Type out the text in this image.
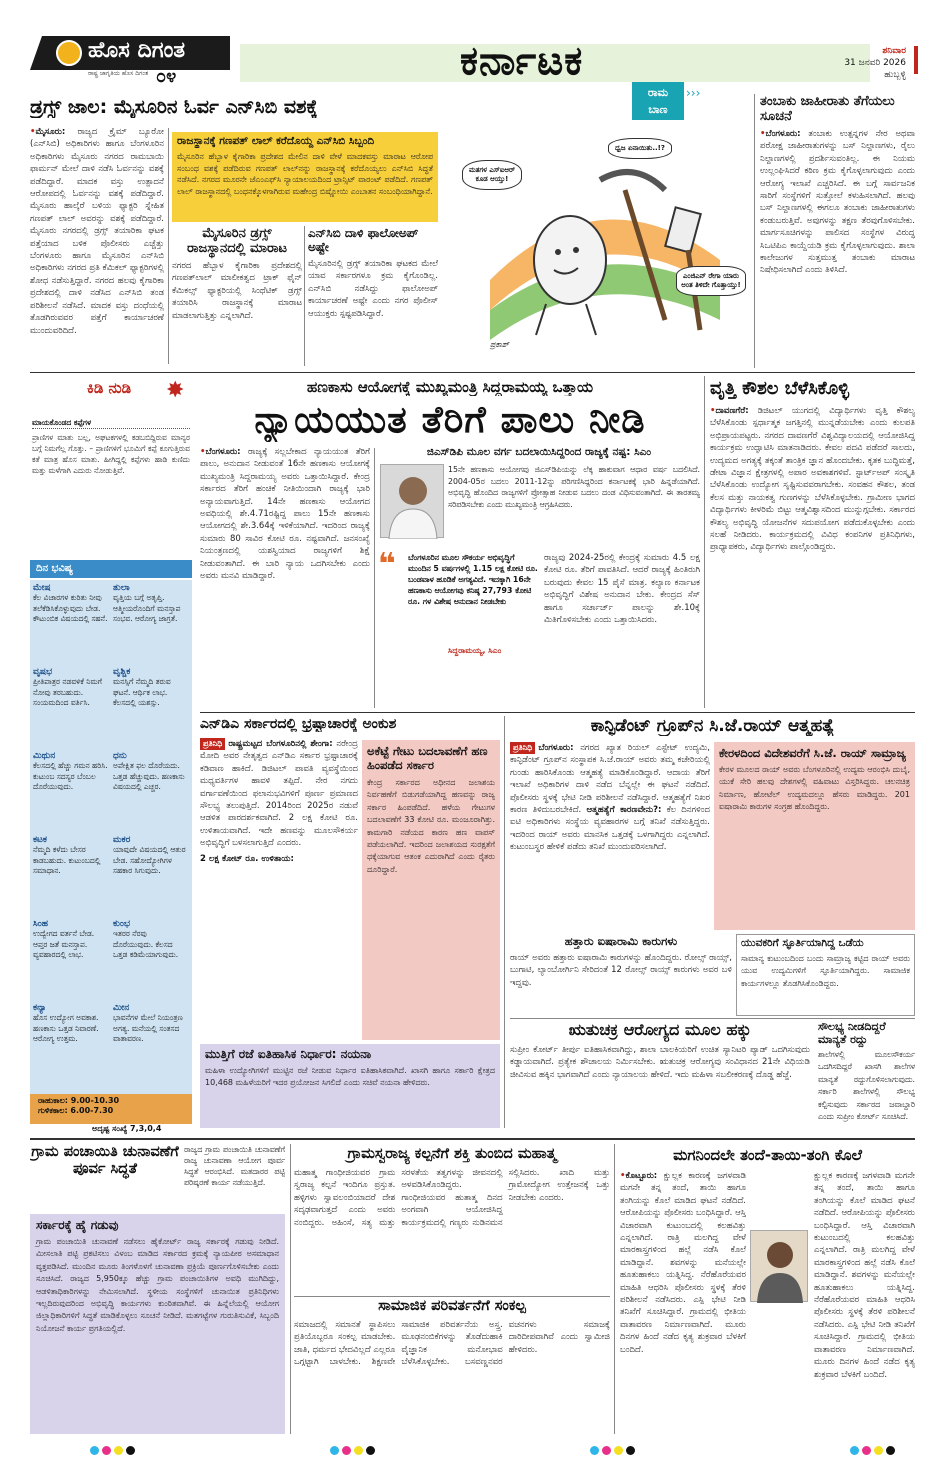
ಹೊಸ ದಿಗಂತ
ರಾಷ್ಟ್ರ ಜಾಗೃತಿಯ ಹೊಸ ದಿಗಂತ ೦೪	ಕರ್ನಾಟಕ	ಶನಿವಾರ
31 ಜನವರಿ 2026
ಹುಬ್ಬಳ್ಳಿ
ಡ್ರಗ್ಸ್ ಜಾಲ: ಮೈಸೂರಿನ ಓರ್ವ ಎನ್‌ಸಿಬಿ ವಶಕ್ಕೆ
•ಮೈಸೂರು: ರಾಜ್ಯದ ಕ್ರೈಮ್ ಬ್ಯೂರೋ (ಎನ್‌ಸಿಬಿ) ಅಧಿಕಾರಿಗಳು ಹಾಗೂ ಬೆಂಗಳೂರಿನ ಅಧಿಕಾರಿಗಳು ಮೈಸೂರು ನಗರದ ರಾಮಬಾಯಿ ಫಾರ್ಮನ್‌ ಮೇಲೆ ದಾಳಿ ನಡೆಸಿ ಓರ್ವನನ್ನು ವಶಕ್ಕೆ ಪಡೆದಿದ್ದಾರೆ. ಮಾದಕ ವಸ್ತು ಉತ್ಪಾದನೆ ಆರೋಪದಲ್ಲಿ ಓರ್ವನನ್ನು ವಶಕ್ಕೆ ಪಡೆದಿದ್ದಾರೆ. ಮೈಸೂರು ಹಾಲ್ಕೆರೆ ಬಳಿಯ ಫ್ಯಾಕ್ಟರಿ ಸ್ನೇಹಿತ ಗಣಪತ್ ಲಾಲ್‌ ಅವರನ್ನು ವಶಕ್ಕೆ ಪಡೆದಿದ್ದಾರೆ. ಮೈಸೂರು ನಗರದಲ್ಲಿ ಡ್ರಗ್ಸ್ ತಯಾರಿಕಾ ಘಟಕ ಪತ್ತೆಯಾದ ಬಳಿಕ ಪೊಲೀಸರು ಎಚ್ಚೆತ್ತು ಬೆಂಗಳೂರು ಹಾಗೂ ಮೈಸೂರಿನ ಎನ್‌ಸಿಬಿ ಅಧಿಕಾರಿಗಳು ನಗರದ ಪ್ರತಿ ಕೆಮಿಕಲ್ ಫ್ಯಾಕ್ಟರಿಗಳಲ್ಲಿ ಶೋಧ ನಡೆಸುತ್ತಿದ್ದಾರೆ. ನಗರದ ಹಲವು ಕೈಗಾರಿಕಾ ಪ್ರದೇಶದಲ್ಲಿ ದಾಳಿ ನಡೆಸಿದ ಎನ್‌ಸಿಬಿ ತಂಡ ಪರಿಶೀಲನೆ ನಡೆಸಿದೆ. ಮಾದಕ ವಸ್ತು ದಂಧೆಯಲ್ಲಿ ತೊಡಗಿರುವವರ ಪತ್ತೆಗೆ ಕಾರ್ಯಾಚರಣೆ ಮುಂದುವರಿದಿದೆ.
ರಾಜಸ್ಥಾನಕ್ಕೆ ಗಣಪತ್ ಲಾಲ್ ಕರೆದೊಯ್ದ ಎನ್‌ಸಿಬಿ ಸಿಬ್ಬಂದಿ
ಮೈಸೂರಿನ ಹೆಬ್ಬಾಳ ಕೈಗಾರಿಕಾ ಪ್ರದೇಶದ ಮೇಲಿನ ದಾಳಿ ವೇಳೆ ಮಾದಕವಸ್ತು ಮಾರಾಟ ಆರೋಪ ಸಂಬಂಧ ವಶಕ್ಕೆ ಪಡೆದಿರುವ ಗಣಪತ್ ಲಾಲ್‌ನನ್ನು ರಾಜಸ್ಥಾನಕ್ಕೆ ಕರೆದೊಯ್ಯಲು ಎನ್‌ಸಿಬಿ ಸಿದ್ಧತೆ ನಡೆಸಿದೆ. ನಗರದ ಮೂರನೇ ಜೆಎಂಎಫ್‌ಸಿ ನ್ಯಾಯಾಲಯದಿಂದ ಟ್ರಾನ್ಸಿಟ್ ವಾರಂಟ್ ಪಡೆದಿದೆ. ಗಣಪತ್ ಲಾಲ್ ರಾಜಸ್ಥಾನದಲ್ಲಿ ಬಂಧನಕ್ಕೊಳಗಾಗಿರುವ ಮಹೇಂದ್ರ ಬಿಷ್ಣೋಯಿ ಎಂಬಾತನ ಸಂಬಂಧಿಯಾಗಿದ್ದಾನೆ.
ಮೈಸೂರಿನ ಡ್ರಗ್ಸ್ ರಾಜಸ್ಥಾನದಲ್ಲಿ ಮಾರಾಟ
ನಗರದ ಹೆಬ್ಬಾಳ ಕೈಗಾರಿಕಾ ಪ್ರದೇಶದಲ್ಲಿ ಗಣಪತ್‌ಲಾಲ್ ಮಾಲೀಕತ್ವದ ಟ್ರಾಕ್ ಫೈನ್ ಕೆಮಿಕಲ್ಸ್ ಫ್ಯಾಕ್ಟರಿಯಲ್ಲಿ ಸಿಂಥೆಟಿಕ್ ಡ್ರಗ್ಸ್ ತಯಾರಿಸಿ ರಾಜಸ್ಥಾನಕ್ಕೆ ಮಾರಾಟ ಮಾಡಲಾಗುತ್ತಿತ್ತು ಎನ್ನಲಾಗಿದೆ.
ಎನ್‌ಸಿಬಿ ದಾಳಿ ಫಾಲೋಅಪ್ ಅಷ್ಟೇ
ಮೈಸೂರಿನಲ್ಲಿ ಡ್ರಗ್ಸ್ ತಯಾರಿಕಾ ಘಟಕದ ಮೇಲೆ ಯಾವ ಸರ್ಕಾರಗಳೂ ಕ್ರಮ ಕೈಗೊಂಡಿಲ್ಲ. ಎನ್‌ಸಿಬಿ ನಡೆಸಿದ್ದು ಫಾಲೋಅಪ್ ಕಾರ್ಯಾಚರಣೆ ಅಷ್ಟೇ ಎಂದು ನಗರ ಪೊಲೀಸ್ ಆಯುಕ್ತರು ಸ್ಪಷ್ಟಪಡಿಸಿದ್ದಾರೆ.
ರಾಮ
ಬಾಣ
›››
ಮತಗಳ ಎಸ್ಐಆರ್ ಕೂಡ ಆಯ್ತು!
ಧ್ವಜ ಏನಾಯಿತು..!?
ಎಂಜಿಎನ್ ರೇಗಾ ಯಾರು ಅಂತ ತಿಳಿದೇ ಗೊತ್ತಾಯ್ತು!
ಪ್ರಕಾಶ್
ತಂಬಾಕು ಜಾಹೀರಾತು ತೆಗೆಯಲು ಸೂಚನೆ
•ಬೆಂಗಳೂರು: ತಂಬಾಕು ಉತ್ಪನ್ನಗಳ ನೇರ ಅಥವಾ ಪರೋಕ್ಷ ಜಾಹೀರಾತುಗಳನ್ನು ಬಸ್ ನಿಲ್ದಾಣಗಳು, ರೈಲು ನಿಲ್ದಾಣಗಳಲ್ಲಿ ಪ್ರದರ್ಶಿಸುವಂತಿಲ್ಲ. ಈ ನಿಯಮ ಉಲ್ಲಂಘಿಸಿದರೆ ಕಠಿಣ ಕ್ರಮ ಕೈಗೊಳ್ಳಲಾಗುವುದು ಎಂದು ಆರೋಗ್ಯ ಇಲಾಖೆ ಎಚ್ಚರಿಸಿದೆ. ಈ ಬಗ್ಗೆ ಸಾರ್ವಜನಿಕ ಸಾರಿಗೆ ಸಂಸ್ಥೆಗಳಿಗೆ ಸುತ್ತೋಲೆ ಕಳುಹಿಸಲಾಗಿದೆ. ಹಲವು ಬಸ್ ನಿಲ್ದಾಣಗಳಲ್ಲಿ ಈಗಲೂ ತಂಬಾಕು ಜಾಹೀರಾತುಗಳು ಕಂಡುಬರುತ್ತಿವೆ. ಅವುಗಳನ್ನು ತಕ್ಷಣ ತೆರವುಗೊಳಿಸಬೇಕು. ಮಾರ್ಗಸೂಚಿಗಳನ್ನು ಪಾಲಿಸದ ಸಂಸ್ಥೆಗಳ ವಿರುದ್ಧ ಸಿಒಟಿಪಿಎ ಕಾಯ್ದೆಯಡಿ ಕ್ರಮ ಕೈಗೊಳ್ಳಲಾಗುವುದು. ಶಾಲಾ ಕಾಲೇಜುಗಳ ಸುತ್ತಮುತ್ತ ತಂಬಾಕು ಮಾರಾಟ ನಿಷೇಧಿಸಲಾಗಿದೆ ಎಂದು ತಿಳಿಸಿದೆ.
ಕಿಡಿ ನುಡಿ ✸
ಮಾಯಕೊಂಡದ ಕಪ್ಪೆಗಳ
ಪ್ರಾಣಿಗಳ ಮಾತು ಬಲ್ಲ, ಅಘಟಕಗಳಲ್ಲಿ ಕಡಬಬಿದ್ದಿರುವ ಮಾನ್ಯರ ಬಗ್ಗೆ ನಿಮಗೆಲ್ಲ ಗೊತ್ತು. – ಪ್ರಾಣಿಗಳಿಗೆ ಭೂಮಿಗೆ ಕಪ್ಪೆ ಕೂಗುತ್ತಿರುವ ಕತೆ ಮಾತ್ರ ಹೊಸ ಮಾತು. ಹೀಗಿದ್ದಲ್ಲಿ ಕಪ್ಪೆಗಳು ಹಾಡಿ ಕುಣಿದು ಮತ್ತು ಮಳೆಗಾಗಿ ಎದುರು ನೋಡುತ್ತಿವೆ.
ದಿನ ಭವಿಷ್ಯ
ಮೇಷ
ಕೆಲ ವಿಚಾರಗಳ ಕುರಿತು ನೀವು ತಲೆಕೆಡಿಸಿಕೊಳ್ಳುವುದು ಬೇಡ. ಕೌಟುಂಬಿಕ ವಿಷಯದಲ್ಲಿ ಸಹನೆ.
ತುಲಾ
ವೃತ್ತಿಯ ಬಗ್ಗೆ ಅತೃಪ್ತಿ. ಆತ್ಮೀಯರೊಂದಿಗೆ ಮನಸ್ತಾಪ ಸಂಭವ. ಆರೋಗ್ಯ ಜಾಗ್ರತೆ.
ವೃಷಭ
ಪ್ರೀತಿಪಾತ್ರರ ನಡವಳಿಕೆ ನಿಮಗೆ ನೋವು ತರಬಹುದು. ಸಂಯಮದಿಂದ ವರ್ತಿಸಿ.
ವೃಶ್ಚಿಕ
ಮನಸ್ಸಿಗೆ ನೆಮ್ಮದಿ ತರುವ ಘಟನೆ. ಆರ್ಥಿಕ ಲಾಭ. ಕೆಲಸದಲ್ಲಿ ಯಶಸ್ಸು.
ಮಿಥುನ
ಕೆಲಸದಲ್ಲಿ ಹೆಚ್ಚು ಗಮನ ಹರಿಸಿ. ಕುಟುಂಬ ಸದಸ್ಯರ ಬೆಂಬಲ ದೊರೆಯುವುದು.
ಧನು
ಅಪೇಕ್ಷಿತ ಫಲ ದೊರೆಯದು. ಒತ್ತಡ ಹೆಚ್ಚುವುದು. ಹಣಕಾಸು ವಿಷಯದಲ್ಲಿ ಎಚ್ಚರ.
ಕಟಕ
ನೆಮ್ಮದಿ ಕಳೆದು ಬೇಸರ ಕಾಡಬಹುದು. ಕುಟುಂಬದಲ್ಲಿ ಸಮಾಧಾನ.
ಮಕರ
ಯಾವುದೇ ವಿಷಯದಲ್ಲಿ ಆತುರ ಬೇಡ. ಸಹೋದ್ಯೋಗಿಗಳ ಸಹಕಾರ ಸಿಗುವುದು.
ಸಿಂಹ
ಉದ್ವೇಗದ ವರ್ತನೆ ಬೇಡ. ಆಪ್ತರ ಜತೆ ಮನಸ್ತಾಪ. ವ್ಯವಹಾರದಲ್ಲಿ ಲಾಭ.
ಕುಂಭ
ಇತರರ ನೆರವು ದೊರೆಯುವುದು. ಕೆಲಸದ ಒತ್ತಡ ಕಡಿಮೆಯಾಗುವುದು.
ಕನ್ಯಾ
ಹೊಸ ಉದ್ಯೋಗ ಅವಕಾಶ. ಹಣಕಾಸು ಒತ್ತಡ ನಿವಾರಣೆ. ಆರೋಗ್ಯ ಉತ್ತಮ.
ಮೀನ
ಭಾವನೆಗಳ ಮೇಲೆ ನಿಯಂತ್ರಣ ಅಗತ್ಯ. ಮನೆಯಲ್ಲಿ ಸಂತಸದ ವಾತಾವರಣ.
ರಾಹುಕಾಲ: 9.00-10.30
ಗುಳಿಕಕಾಲ: 6.00-7.30
ಅದೃಷ್ಟ ಸಂಖ್ಯೆ 7,3,0,4
ಹಣಕಾಸು ಆಯೋಗಕ್ಕೆ ಮುಖ್ಯಮಂತ್ರಿ ಸಿದ್ದರಾಮಯ್ಯ ಒತ್ತಾಯ
ನ್ಯಾಯಯುತ ತೆರಿಗೆ ಪಾಲು ನೀಡಿ
•ಬೆಂಗಳೂರು: ರಾಜ್ಯಕ್ಕೆ ಸಲ್ಲಬೇಕಾದ ನ್ಯಾಯಯುತ ತೆರಿಗೆ ಪಾಲು, ಅನುದಾನ ನೀಡುವಂತೆ 16ನೇ ಹಣಕಾಸು ಆಯೋಗಕ್ಕೆ ಮುಖ್ಯಮಂತ್ರಿ ಸಿದ್ದರಾಮಯ್ಯ ಅವರು ಒತ್ತಾಯಿಸಿದ್ದಾರೆ. ಕೇಂದ್ರ ಸರ್ಕಾರದ ತೆರಿಗೆ ಹಂಚಿಕೆ ನೀತಿಯಿಂದಾಗಿ ರಾಜ್ಯಕ್ಕೆ ಭಾರಿ ಅನ್ಯಾಯವಾಗುತ್ತಿದೆ. 14ನೇ ಹಣಕಾಸು ಆಯೋಗದ ಅವಧಿಯಲ್ಲಿ ಶೇ.4.71ರಷ್ಟಿದ್ದ ಪಾಲು 15ನೇ ಹಣಕಾಸು ಆಯೋಗದಲ್ಲಿ ಶೇ.3.64ಕ್ಕೆ ಇಳಿಕೆಯಾಗಿದೆ. ಇದರಿಂದ ರಾಜ್ಯಕ್ಕೆ ಸುಮಾರು 80 ಸಾವಿರ ಕೋಟಿ ರೂ. ನಷ್ಟವಾಗಿದೆ. ಜನಸಂಖ್ಯೆ ನಿಯಂತ್ರಣದಲ್ಲಿ ಯಶಸ್ವಿಯಾದ ರಾಜ್ಯಗಳಿಗೆ ಶಿಕ್ಷೆ ನೀಡುವಂತಾಗಿದೆ. ಈ ಬಾರಿ ನ್ಯಾಯ ಒದಗಿಸಬೇಕು ಎಂದು ಅವರು ಮನವಿ ಮಾಡಿದ್ದಾರೆ.
ಜಿಎಸ್‌ಡಿಪಿ ಮೂಲ ವರ್ಗ ಬದಲಾಯಿಸಿದ್ದರಿಂದ ರಾಜ್ಯಕ್ಕೆ ನಷ್ಟ: ಸಿಎಂ
15ನೇ ಹಣಕಾಸು ಆಯೋಗವು ಜಿಎಸ್‌ಡಿಪಿಯನ್ನು ಲೆಕ್ಕ ಹಾಕುವಾಗ ಆಧಾರ ವರ್ಷ ಬದಲಿಸಿದೆ. 2004-05ರ ಬದಲು 2011-12ನ್ನು ಪರಿಗಣಿಸಿದ್ದರಿಂದ ಕರ್ನಾಟಕಕ್ಕೆ ಭಾರಿ ಹಿನ್ನಡೆಯಾಗಿದೆ. ಅಭಿವೃದ್ಧಿ ಹೊಂದಿದ ರಾಜ್ಯಗಳಿಗೆ ಪ್ರೋತ್ಸಾಹ ನೀಡುವ ಬದಲು ದಂಡ ವಿಧಿಸುವಂತಾಗಿದೆ. ಈ ತಾರತಮ್ಯ ಸರಿಪಡಿಸಬೇಕು ಎಂದು ಮುಖ್ಯಮಂತ್ರಿ ಆಗ್ರಹಿಸಿದರು.
❝ ಬೆಂಗಳೂರಿನ ಮೂಲ ಸೌಕರ್ಯ ಅಭಿವೃದ್ಧಿಗೆ ಮುಂದಿನ 5 ವರ್ಷಗಳಲ್ಲಿ 1.15 ಲಕ್ಷ ಕೋಟಿ ರೂ. ಬಂಡವಾಳ ಹೂಡಿಕೆ ಅಗತ್ಯವಿದೆ. ಇದಕ್ಕಾಗಿ 16ನೇ ಹಣಕಾಸು ಆಯೋಗವು ಕನಿಷ್ಠ 27,793 ಕೋಟಿ ರೂ. ಗಳ ವಿಶೇಷ ಅನುದಾನ ನೀಡಬೇಕು
ಸಿದ್ದರಾಮಯ್ಯ, ಸಿಎಂ
ರಾಜ್ಯವು 2024-25ರಲ್ಲಿ ಕೇಂದ್ರಕ್ಕೆ ಸುಮಾರು 4.5 ಲಕ್ಷ ಕೋಟಿ ರೂ. ತೆರಿಗೆ ಪಾವತಿಸಿದೆ. ಆದರೆ ರಾಜ್ಯಕ್ಕೆ ಹಿಂತಿರುಗಿ ಬರುವುದು ಕೇವಲ 15 ಪೈಸೆ ಮಾತ್ರ. ಕಲ್ಯಾಣ ಕರ್ನಾಟಕ ಅಭಿವೃದ್ಧಿಗೆ ವಿಶೇಷ ಅನುದಾನ ಬೇಕು. ಕೇಂದ್ರದ ಸೆಸ್ ಹಾಗೂ ಸರ್ಚಾರ್ಜ್ ಪಾಲನ್ನು ಶೇ.10ಕ್ಕೆ ಮಿತಿಗೊಳಿಸಬೇಕು ಎಂದು ಒತ್ತಾಯಿಸಿದರು.
ವೃತ್ತಿ ಕೌಶಲ ಬೆಳೆಸಿಕೊಳ್ಳಿ
•ದಾವಣಗೆರೆ: ಡಿಜಿಟಲ್ ಯುಗದಲ್ಲಿ ವಿದ್ಯಾರ್ಥಿಗಳು ವೃತ್ತಿ ಕೌಶಲ್ಯ ಬೆಳೆಸಿಕೊಂಡು ಸ್ಪರ್ಧಾತ್ಮಕ ಜಗತ್ತಿನಲ್ಲಿ ಮುನ್ನಡೆಯಬೇಕು ಎಂದು ಕುಲಪತಿ ಅಭಿಪ್ರಾಯಪಟ್ಟರು. ನಗರದ ದಾವಣಗೆರೆ ವಿಶ್ವವಿದ್ಯಾಲಯದಲ್ಲಿ ಆಯೋಜಿಸಿದ್ದ ಕಾರ್ಯಕ್ರಮ ಉದ್ಘಾಟಿಸಿ ಮಾತನಾಡಿದರು. ಕೇವಲ ಪದವಿ ಪಡೆದರೆ ಸಾಲದು, ಉದ್ಯಮದ ಅಗತ್ಯಕ್ಕೆ ತಕ್ಕಂತೆ ತಾಂತ್ರಿಕ ಜ್ಞಾನ ಹೊಂದಬೇಕು. ಕೃತಕ ಬುದ್ಧಿಮತ್ತೆ, ಡೇಟಾ ವಿಜ್ಞಾನ ಕ್ಷೇತ್ರಗಳಲ್ಲಿ ಅಪಾರ ಅವಕಾಶಗಳಿವೆ. ಸ್ಟಾರ್ಟ್‌ಅಪ್ ಸಂಸ್ಕೃತಿ ಬೆಳೆಸಿಕೊಂಡು ಉದ್ಯೋಗ ಸೃಷ್ಟಿಸುವವರಾಗಬೇಕು. ಸಂವಹನ ಕೌಶಲ, ತಂಡ ಕೆಲಸ ಮತ್ತು ನಾಯಕತ್ವ ಗುಣಗಳನ್ನು ಬೆಳೆಸಿಕೊಳ್ಳಬೇಕು. ಗ್ರಾಮೀಣ ಭಾಗದ ವಿದ್ಯಾರ್ಥಿಗಳು ಕೀಳರಿಮೆ ಬಿಟ್ಟು ಆತ್ಮವಿಶ್ವಾಸದಿಂದ ಮುನ್ನುಗ್ಗಬೇಕು. ಸರ್ಕಾರದ ಕೌಶಲ್ಯ ಅಭಿವೃದ್ಧಿ ಯೋಜನೆಗಳ ಸದುಪಯೋಗ ಪಡೆದುಕೊಳ್ಳಬೇಕು ಎಂದು ಸಲಹೆ ನೀಡಿದರು. ಕಾರ್ಯಕ್ರಮದಲ್ಲಿ ವಿವಿಧ ಕಂಪನಿಗಳ ಪ್ರತಿನಿಧಿಗಳು, ಪ್ರಾಧ್ಯಾಪಕರು, ವಿದ್ಯಾರ್ಥಿಗಳು ಪಾಲ್ಗೊಂಡಿದ್ದರು.
ಎನ್‌ಡಿಎ ಸರ್ಕಾರದಲ್ಲಿ ಭ್ರಷ್ಟಾಚಾರಕ್ಕೆ ಅಂಕುಶ
ಪ್ರತಿನಿಧಿ ರಾಷ್ಟ್ರಮಟ್ಟದ ಬೆಂಗಳೂರಿನಲ್ಲಿ ಶೇಂಗಾ: ನರೇಂದ್ರ ಮೋದಿ ಅವರ ನೇತೃತ್ವದ ಎನ್‌ಡಿಎ ಸರ್ಕಾರ ಭ್ರಷ್ಟಾಚಾರಕ್ಕೆ ಕಡಿವಾಣ ಹಾಕಿದೆ. ಡಿಜಿಟಲ್ ಪಾವತಿ ವ್ಯವಸ್ಥೆಯಿಂದ ಮಧ್ಯವರ್ತಿಗಳ ಹಾವಳಿ ತಪ್ಪಿದೆ. ನೇರ ನಗದು ವರ್ಗಾವಣೆಯಿಂದ ಫಲಾನುಭವಿಗಳಿಗೆ ಪೂರ್ಣ ಪ್ರಮಾಣದ ಸೌಲಭ್ಯ ತಲುಪುತ್ತಿದೆ. 2014ರಿಂದ 2025ರ ನಡುವೆ ಆಡಳಿತ ಪಾರದರ್ಶಕವಾಗಿದೆ. 2 ಲಕ್ಷ ಕೋಟಿ ರೂ. ಉಳಿತಾಯವಾಗಿದೆ. ಇದೇ ಹಣವನ್ನು ಮೂಲಸೌಕರ್ಯ ಅಭಿವೃದ್ಧಿಗೆ ಬಳಸಲಾಗುತ್ತಿದೆ ಎಂದರು.
2 ಲಕ್ಷ ಕೋಟ್ ರೂ. ಉಳಿತಾಯ:
ಅಕೆಟ್ಟೆ ಗೇಟು ಬದಲಾವಣೆಗೆ ಹಣ ಹಿಂಪಡೆದ ಸರ್ಕಾರ
ಕೇಂದ್ರ ಸರ್ಕಾರದ ಅಧೀನದ ಜಲಾಶಯ ನಿರ್ವಹಣೆಗೆ ಬಿಡುಗಡೆಯಾಗಿದ್ದ ಹಣವನ್ನು ರಾಜ್ಯ ಸರ್ಕಾರ ಹಿಂಪಡೆದಿದೆ. ಹಳೆಯ ಗೇಟುಗಳ ಬದಲಾವಣೆಗೆ 33 ಕೋಟಿ ರೂ. ಮಂಜೂರಾಗಿತ್ತು. ಕಾಮಗಾರಿ ನಡೆಯದ ಕಾರಣ ಹಣ ವಾಪಸ್ ಪಡೆಯಲಾಗಿದೆ. ಇದರಿಂದ ಜಲಾಶಯದ ಸುರಕ್ಷತೆಗೆ ಧಕ್ಕೆಯಾಗುವ ಆತಂಕ ಎದುರಾಗಿದೆ ಎಂದು ರೈತರು ದೂರಿದ್ದಾರೆ.
ಮುತ್ತಿಗೆ ರಜೆ ಐತಿಹಾಸಿಕ ನಿರ್ಧಾರ: ನಯನಾ
ಮಹಿಳಾ ಉದ್ಯೋಗಿಗಳಿಗೆ ಮುಟ್ಟಿನ ರಜೆ ನೀಡುವ ನಿರ್ಧಾರ ಐತಿಹಾಸಿಕವಾಗಿದೆ. ಖಾಸಗಿ ಹಾಗೂ ಸರ್ಕಾರಿ ಕ್ಷೇತ್ರದ 10,468 ಮಹಿಳೆಯರಿಗೆ ಇದರ ಪ್ರಯೋಜನ ಸಿಗಲಿದೆ ಎಂದು ಸಚಿವೆ ನಯನಾ ಹೇಳಿದರು.
ಕಾನ್ಫಿಡೆಂಟ್ ಗ್ರೂಪ್‌ನ ಸಿ.ಜೆ.ರಾಯ್ ಆತ್ಮಹತ್ಯೆ
ಪ್ರತಿನಿಧಿ ಬೆಂಗಳೂರು: ನಗರದ ಖ್ಯಾತ ರಿಯಲ್ ಎಸ್ಟೇಟ್ ಉದ್ಯಮಿ, ಕಾನ್ಫಿಡೆಂಟ್ ಗ್ರೂಪ್‌ನ ಸಂಸ್ಥಾಪಕ ಸಿ.ಜೆ.ರಾಯ್ ಅವರು ತಮ್ಮ ಕಚೇರಿಯಲ್ಲಿ ಗುಂಡು ಹಾರಿಸಿಕೊಂಡು ಆತ್ಮಹತ್ಯೆ ಮಾಡಿಕೊಂಡಿದ್ದಾರೆ. ಆದಾಯ ತೆರಿಗೆ ಇಲಾಖೆ ಅಧಿಕಾರಿಗಳ ದಾಳಿ ನಡೆದ ಬೆನ್ನಲ್ಲೇ ಈ ಘಟನೆ ನಡೆದಿದೆ. ಪೊಲೀಸರು ಸ್ಥಳಕ್ಕೆ ಭೇಟಿ ನೀಡಿ ಪರಿಶೀಲನೆ ನಡೆಸಿದ್ದಾರೆ. ಆತ್ಮಹತ್ಯೆಗೆ ನಿಖರ ಕಾರಣ ತಿಳಿದುಬರಬೇಕಿದೆ. ಆತ್ಮಹತ್ಯೆಗೆ ಕಾರಣವೇನು?: ಕೆಲ ದಿನಗಳಿಂದ ಐಟಿ ಅಧಿಕಾರಿಗಳು ಸಂಸ್ಥೆಯ ವ್ಯವಹಾರಗಳ ಬಗ್ಗೆ ತನಿಖೆ ನಡೆಸುತ್ತಿದ್ದರು. ಇದರಿಂದ ರಾಯ್ ಅವರು ಮಾನಸಿಕ ಒತ್ತಡಕ್ಕೆ ಒಳಗಾಗಿದ್ದರು ಎನ್ನಲಾಗಿದೆ. ಕುಟುಂಬಸ್ಥರ ಹೇಳಿಕೆ ಪಡೆದು ತನಿಖೆ ಮುಂದುವರಿಸಲಾಗಿದೆ.
ಕೇರಳದಿಂದ ವಿದೇಶವರೆಗೆ ಸಿ.ಜೆ. ರಾಯ್ ಸಾಮ್ರಾಜ್ಯ
ಕೇರಳ ಮೂಲದ ರಾಯ್ ಅವರು ಬೆಂಗಳೂರಿನಲ್ಲಿ ಉದ್ಯಮ ಆರಂಭಿಸಿ ದುಬೈ, ಯುಕೆ ಸೇರಿ ಹಲವು ದೇಶಗಳಲ್ಲಿ ವಹಿವಾಟು ವಿಸ್ತರಿಸಿದ್ದರು. ಚಲನಚಿತ್ರ ನಿರ್ಮಾಣ, ಹೋಟೆಲ್ ಉದ್ಯಮದಲ್ಲೂ ಹೆಸರು ಮಾಡಿದ್ದರು. 201 ಐಷಾರಾಮಿ ಕಾರುಗಳ ಸಂಗ್ರಹ ಹೊಂದಿದ್ದರು.
ಹತ್ತಾರು ಐಷಾರಾಮಿ ಕಾರುಗಳು
ರಾಯ್ ಅವರು ಹತ್ತಾರು ಐಷಾರಾಮಿ ಕಾರುಗಳನ್ನು ಹೊಂದಿದ್ದರು. ರೋಲ್ಸ್ ರಾಯ್ಸ್, ಬುಗಾಟಿ, ಲ್ಯಾಂಬೋರ್ಗಿನಿ ಸೇರಿದಂತೆ 12 ರೋಲ್ಸ್ ರಾಯ್ಸ್ ಕಾರುಗಳು ಅವರ ಬಳಿ ಇದ್ದವು.
ಯುವಕರಿಗೆ ಸ್ಫೂರ್ತಿಯಾಗಿದ್ದ ಒಡೆಯ
ಸಾಮಾನ್ಯ ಕುಟುಂಬದಿಂದ ಬಂದು ಸಾಮ್ರಾಜ್ಯ ಕಟ್ಟಿದ ರಾಯ್ ಅವರು ಯುವ ಉದ್ಯಮಿಗಳಿಗೆ ಸ್ಫೂರ್ತಿಯಾಗಿದ್ದರು. ಸಾಮಾಜಿಕ ಕಾರ್ಯಗಳಲ್ಲೂ ತೊಡಗಿಸಿಕೊಂಡಿದ್ದರು.
ಋತುಚಕ್ರ ಆರೋಗ್ಯದ ಮೂಲ ಹಕ್ಕು
ಸುಪ್ರೀಂ ಕೋರ್ಟ್ ತೀರ್ಪು ಐತಿಹಾಸಿಕವಾಗಿದ್ದು, ಶಾಲಾ ಬಾಲಕಿಯರಿಗೆ ಉಚಿತ ಸ್ಯಾನಿಟರಿ ಪ್ಯಾಡ್ ಒದಗಿಸುವುದು ಕಡ್ಡಾಯವಾಗಿದೆ. ಪ್ರತ್ಯೇಕ ಶೌಚಾಲಯ ನಿರ್ಮಿಸಬೇಕು. ಋತುಚಕ್ರ ಆರೋಗ್ಯವು ಸಂವಿಧಾನದ 21ನೇ ವಿಧಿಯಡಿ ಜೀವಿಸುವ ಹಕ್ಕಿನ ಭಾಗವಾಗಿದೆ ಎಂದು ನ್ಯಾಯಾಲಯ ಹೇಳಿದೆ. ಇದು ಮಹಿಳಾ ಸಬಲೀಕರಣಕ್ಕೆ ದೊಡ್ಡ ಹೆಜ್ಜೆ.
ಸೌಲಭ್ಯ ನೀಡದಿದ್ದರೆ ಮಾನ್ಯತೆ ರದ್ದು
ಶಾಲೆಗಳಲ್ಲಿ ಮೂಲಸೌಕರ್ಯ ಒದಗಿಸದಿದ್ದರೆ ಖಾಸಗಿ ಶಾಲೆಗಳ ಮಾನ್ಯತೆ ರದ್ದುಗೊಳಿಸಲಾಗುವುದು. ಸರ್ಕಾರಿ ಶಾಲೆಗಳಲ್ಲಿ ಸೌಲಭ್ಯ ಕಲ್ಪಿಸುವುದು ಸರ್ಕಾರದ ಜವಾಬ್ದಾರಿ ಎಂದು ಸುಪ್ರೀಂ ಕೋರ್ಟ್ ಸೂಚಿಸಿದೆ.
ಗ್ರಾಮ ಪಂಚಾಯಿತಿ ಚುನಾವಣೆಗೆ ಪೂರ್ವ ಸಿದ್ಧತೆ
ರಾಜ್ಯದ ಗ್ರಾಮ ಪಂಚಾಯಿತಿ ಚುನಾವಣೆಗೆ ರಾಜ್ಯ ಚುನಾವಣಾ ಆಯೋಗ ಪೂರ್ವ ಸಿದ್ಧತೆ ಆರಂಭಿಸಿದೆ. ಮತದಾರರ ಪಟ್ಟಿ ಪರಿಷ್ಕರಣೆ ಕಾರ್ಯ ನಡೆಯುತ್ತಿದೆ.
ಸರ್ಕಾರಕ್ಕೆ ಹೈ ಗಡುವು
ಗ್ರಾಮ ಪಂಚಾಯಿತಿ ಚುನಾವಣೆ ನಡೆಸಲು ಹೈಕೋರ್ಟ್ ರಾಜ್ಯ ಸರ್ಕಾರಕ್ಕೆ ಗಡುವು ನೀಡಿದೆ. ಮೀಸಲಾತಿ ಪಟ್ಟಿ ಪ್ರಕಟಿಸಲು ವಿಳಂಬ ಮಾಡಿದ ಸರ್ಕಾರದ ಕ್ರಮಕ್ಕೆ ನ್ಯಾಯಪೀಠ ಅಸಮಾಧಾನ ವ್ಯಕ್ತಪಡಿಸಿದೆ. ಮುಂದಿನ ಮೂರು ತಿಂಗಳೊಳಗೆ ಚುನಾವಣಾ ಪ್ರಕ್ರಿಯೆ ಪೂರ್ಣಗೊಳಿಸಬೇಕು ಎಂದು ಸೂಚಿಸಿದೆ. ರಾಜ್ಯದ 5,950ಕ್ಕೂ ಹೆಚ್ಚು ಗ್ರಾಮ ಪಂಚಾಯಿತಿಗಳ ಅವಧಿ ಮುಗಿದಿದ್ದು, ಆಡಳಿತಾಧಿಕಾರಿಗಳನ್ನು ನೇಮಿಸಲಾಗಿದೆ. ಸ್ಥಳೀಯ ಸಂಸ್ಥೆಗಳಿಗೆ ಚುನಾಯಿತ ಪ್ರತಿನಿಧಿಗಳು ಇಲ್ಲದಿರುವುದರಿಂದ ಅಭಿವೃದ್ಧಿ ಕಾರ್ಯಗಳು ಕುಂಠಿತವಾಗಿವೆ. ಈ ಹಿನ್ನೆಲೆಯಲ್ಲಿ ಆಯೋಗ ಜಿಲ್ಲಾಧಿಕಾರಿಗಳಿಗೆ ಸಿದ್ಧತೆ ಮಾಡಿಕೊಳ್ಳಲು ಸೂಚನೆ ನೀಡಿದೆ. ಮತಗಟ್ಟೆಗಳ ಗುರುತಿಸುವಿಕೆ, ಸಿಬ್ಬಂದಿ ನಿಯೋಜನೆ ಕಾರ್ಯ ಪ್ರಗತಿಯಲ್ಲಿದೆ.
ಗ್ರಾಮಸ್ವರಾಜ್ಯ ಕಲ್ಪನೆಗೆ ಶಕ್ತಿ ತುಂಬಿದ ಮಹಾತ್ಮ
ಮಹಾತ್ಮ ಗಾಂಧೀಜಿಯವರ ಗ್ರಾಮ ಸ್ವರಾಜ್ಯ ಕಲ್ಪನೆ ಇಂದಿಗೂ ಪ್ರಸ್ತುತ. ಹಳ್ಳಿಗಳು ಸ್ವಾವಲಂಬಿಯಾದರೆ ದೇಶ ಸದೃಢವಾಗುತ್ತದೆ ಎಂದು ಅವರು ನಂಬಿದ್ದರು. ಅಹಿಂಸೆ, ಸತ್ಯ ಮತ್ತು ಸರಳತೆಯ ತತ್ವಗಳನ್ನು ಜೀವನದಲ್ಲಿ ಅಳವಡಿಸಿಕೊಂಡಿದ್ದರು. ಗಾಂಧೀಜಿಯವರ ಹುತಾತ್ಮ ದಿನದ ಅಂಗವಾಗಿ ಆಯೋಜಿಸಿದ್ದ ಕಾರ್ಯಕ್ರಮದಲ್ಲಿ ಗಣ್ಯರು ನುಡಿನಮನ ಸಲ್ಲಿಸಿದರು. ಖಾದಿ ಮತ್ತು ಗ್ರಾಮೋದ್ಯೋಗ ಉತ್ತೇಜನಕ್ಕೆ ಒತ್ತು ನೀಡಬೇಕು ಎಂದರು.
ಸಾಮಾಜಿಕ ಪರಿವರ್ತನೆಗೆ ಸಂಕಲ್ಪ
ಸಮಾಜದಲ್ಲಿ ಸಮಾನತೆ ಸ್ಥಾಪಿಸಲು ಪ್ರತಿಯೊಬ್ಬರೂ ಸಂಕಲ್ಪ ಮಾಡಬೇಕು. ಜಾತಿ, ಧರ್ಮದ ಭೇದವಿಲ್ಲದೆ ಎಲ್ಲರೂ ಒಗ್ಗಟ್ಟಾಗಿ ಬಾಳಬೇಕು. ಶಿಕ್ಷಣವೇ ಸಾಮಾಜಿಕ ಪರಿವರ್ತನೆಯ ಅಸ್ತ್ರ. ಮೂಢನಂಬಿಕೆಗಳನ್ನು ತೊಡೆದುಹಾಕಿ ವೈಜ್ಞಾನಿಕ ಮನೋಭಾವ ಬೆಳೆಸಿಕೊಳ್ಳಬೇಕು. ಬಸವಣ್ಣನವರ ವಚನಗಳು ಸಮಾಜಕ್ಕೆ ದಾರಿದೀಪವಾಗಿವೆ ಎಂದು ಸ್ವಾಮೀಜಿ ಹೇಳಿದರು.
ಮಗನಿಂದಲೇ ತಂದೆ-ತಾಯಿ-ತಂಗಿ ಕೊಲೆ
•ಕೊಟ್ಟೂರು: ಕ್ಷುಲ್ಲಕ ಕಾರಣಕ್ಕೆ ಜಗಳವಾಡಿ ಮಗನೇ ತನ್ನ ತಂದೆ, ತಾಯಿ ಹಾಗೂ ತಂಗಿಯನ್ನು ಕೊಲೆ ಮಾಡಿದ ಘಟನೆ ನಡೆದಿದೆ. ಆರೋಪಿಯನ್ನು ಪೊಲೀಸರು ಬಂಧಿಸಿದ್ದಾರೆ. ಆಸ್ತಿ ವಿಚಾರವಾಗಿ ಕುಟುಂಬದಲ್ಲಿ ಕಲಹವಿತ್ತು ಎನ್ನಲಾಗಿದೆ. ರಾತ್ರಿ ಮಲಗಿದ್ದ ವೇಳೆ ಮಾರಕಾಸ್ತ್ರಗಳಿಂದ ಹಲ್ಲೆ ನಡೆಸಿ ಕೊಲೆ ಮಾಡಿದ್ದಾನೆ. ಶವಗಳನ್ನು ಮನೆಯಲ್ಲೇ ಹೂತುಹಾಕಲು ಯತ್ನಿಸಿದ್ದ. ನೆರೆಹೊರೆಯವರ ಮಾಹಿತಿ ಆಧರಿಸಿ ಪೊಲೀಸರು ಸ್ಥಳಕ್ಕೆ ತೆರಳಿ ಪರಿಶೀಲನೆ ನಡೆಸಿದರು. ಎಸ್ಪಿ ಭೇಟಿ ನೀಡಿ ತನಿಖೆಗೆ ಸೂಚಿಸಿದ್ದಾರೆ. ಗ್ರಾಮದಲ್ಲಿ ಭೀತಿಯ ವಾತಾವರಣ ನಿರ್ಮಾಣವಾಗಿದೆ. ಮೂರು ದಿನಗಳ ಹಿಂದೆ ನಡೆದ ಕೃತ್ಯ ಶುಕ್ರವಾರ ಬೆಳಕಿಗೆ ಬಂದಿದೆ.
ಕ್ಷುಲ್ಲಕ ಕಾರಣಕ್ಕೆ ಜಗಳವಾಡಿ ಮಗನೇ ತನ್ನ ತಂದೆ, ತಾಯಿ ಹಾಗೂ ತಂಗಿಯನ್ನು ಕೊಲೆ ಮಾಡಿದ ಘಟನೆ ನಡೆದಿದೆ. ಆರೋಪಿಯನ್ನು ಪೊಲೀಸರು ಬಂಧಿಸಿದ್ದಾರೆ. ಆಸ್ತಿ ವಿಚಾರವಾಗಿ ಕುಟುಂಬದಲ್ಲಿ ಕಲಹವಿತ್ತು ಎನ್ನಲಾಗಿದೆ. ರಾತ್ರಿ ಮಲಗಿದ್ದ ವೇಳೆ ಮಾರಕಾಸ್ತ್ರಗಳಿಂದ ಹಲ್ಲೆ ನಡೆಸಿ ಕೊಲೆ ಮಾಡಿದ್ದಾನೆ. ಶವಗಳನ್ನು ಮನೆಯಲ್ಲೇ ಹೂತುಹಾಕಲು ಯತ್ನಿಸಿದ್ದ. ನೆರೆಹೊರೆಯವರ ಮಾಹಿತಿ ಆಧರಿಸಿ ಪೊಲೀಸರು ಸ್ಥಳಕ್ಕೆ ತೆರಳಿ ಪರಿಶೀಲನೆ ನಡೆಸಿದರು. ಎಸ್ಪಿ ಭೇಟಿ ನೀಡಿ ತನಿಖೆಗೆ ಸೂಚಿಸಿದ್ದಾರೆ. ಗ್ರಾಮದಲ್ಲಿ ಭೀತಿಯ ವಾತಾವರಣ ನಿರ್ಮಾಣವಾಗಿದೆ. ಮೂರು ದಿನಗಳ ಹಿಂದೆ ನಡೆದ ಕೃತ್ಯ ಶುಕ್ರವಾರ ಬೆಳಕಿಗೆ ಬಂದಿದೆ.
